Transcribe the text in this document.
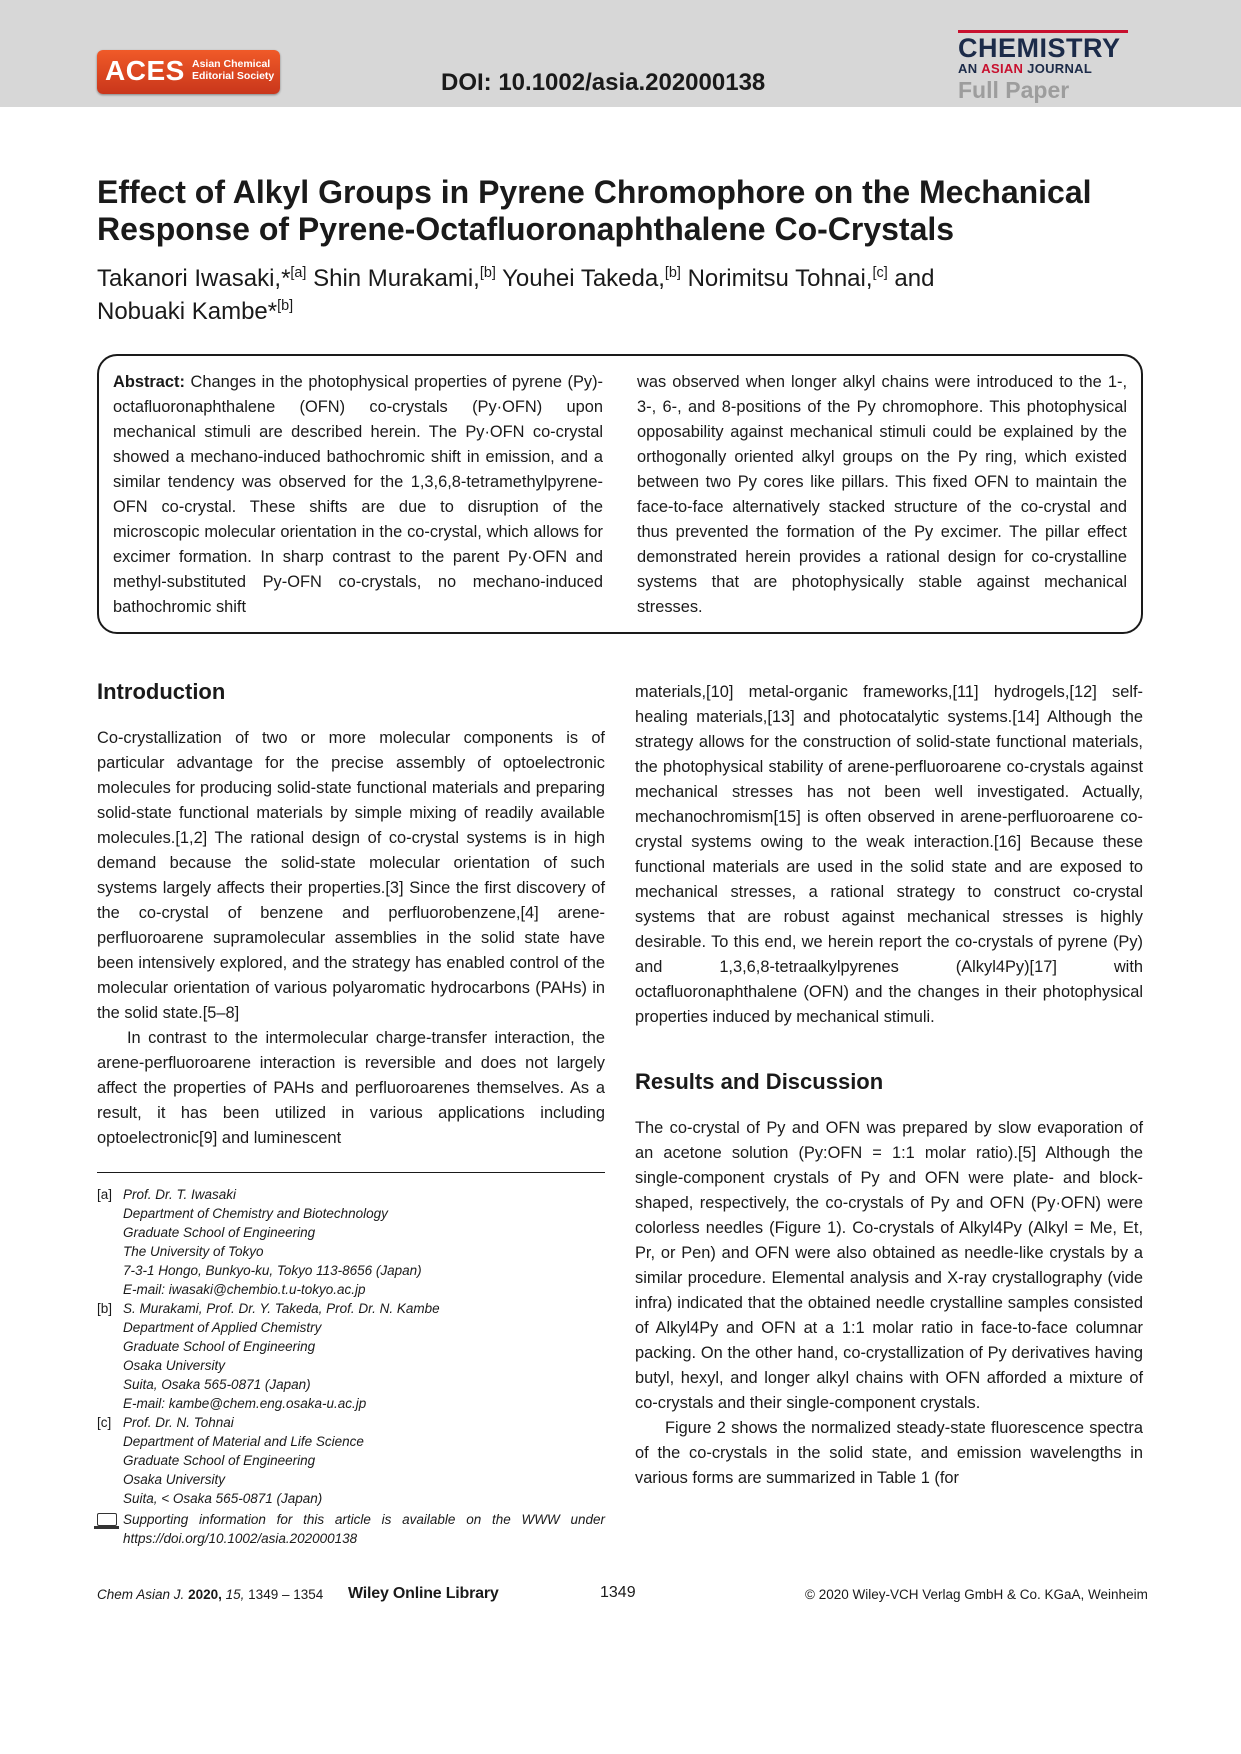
ACES Asian Chemical
Editorial Society	DOI: 10.1002/asia.202000138
CHEMISTRY
AN ASIAN JOURNAL
Full Paper
Effect of Alkyl Groups in Pyrene Chromophore on the Mechanical
Response of Pyrene-Octafluoronaphthalene Co-Crystals
Takanori Iwasaki,*[a] Shin Murakami,[b] Youhei Takeda,[b] Norimitsu Tohnai,[c] and
Nobuaki Kambe*[b]
Abstract: Changes in the photophysical properties of pyrene (Py)-octafluoronaphthalene (OFN) co-crystals (Py·OFN) upon mechanical stimuli are described herein. The Py·OFN co-crystal showed a mechano-induced bathochromic shift in emission, and a similar tendency was observed for the 1,3,6,8-tetramethylpyrene-OFN co-crystal. These shifts are due to disruption of the microscopic molecular orientation in the co-crystal, which allows for excimer formation. In sharp contrast to the parent Py·OFN and methyl-substituted Py-OFN co-crystals, no mechano-induced bathochromic shift
was observed when longer alkyl chains were introduced to the 1-, 3-, 6-, and 8-positions of the Py chromophore. This photophysical opposability against mechanical stimuli could be explained by the orthogonally oriented alkyl groups on the Py ring, which existed between two Py cores like pillars. This fixed OFN to maintain the face-to-face alternatively stacked structure of the co-crystal and thus prevented the formation of the Py excimer. The pillar effect demonstrated herein provides a rational design for co-crystalline systems that are photophysically stable against mechanical stresses.
Introduction

Co-crystallization of two or more molecular components is of particular advantage for the precise assembly of optoelectronic molecules for producing solid-state functional materials and preparing solid-state functional materials by simple mixing of readily available molecules.[1,2] The rational design of co-crystal systems is in high demand because the solid-state molecular orientation of such systems largely affects their properties.[3] Since the first discovery of the co-crystal of benzene and perfluorobenzene,[4] arene-perfluoroarene supramolecular assemblies in the solid state have been intensively explored, and the strategy has enabled control of the molecular orientation of various polyaromatic hydrocarbons (PAHs) in the solid state.[5–8]

In contrast to the intermolecular charge-transfer interaction, the arene-perfluoroarene interaction is reversible and does not largely affect the properties of PAHs and perfluoroarenes themselves. As a result, it has been utilized in various applications including optoelectronic[9] and luminescent

[a] Prof. Dr. T. Iwasaki
Department of Chemistry and Biotechnology
Graduate School of Engineering
The University of Tokyo
7-3-1 Hongo, Bunkyo-ku, Tokyo 113-8656 (Japan)
E-mail: iwasaki@chembio.t.u-tokyo.ac.jp
[b] S. Murakami, Prof. Dr. Y. Takeda, Prof. Dr. N. Kambe
Department of Applied Chemistry
Graduate School of Engineering
Osaka University
Suita, Osaka 565-0871 (Japan)
E-mail: kambe@chem.eng.osaka-u.ac.jp
[c] Prof. Dr. N. Tohnai
Department of Material and Life Science
Graduate School of Engineering
Osaka University
Suita, < Osaka 565-0871 (Japan)
Supporting information for this article is available on the WWW under https://doi.org/10.1002/asia.202000138

materials,[10] metal-organic frameworks,[11] hydrogels,[12] self-healing materials,[13] and photocatalytic systems.[14] Although the strategy allows for the construction of solid-state functional materials, the photophysical stability of arene-perfluoroarene co-crystals against mechanical stresses has not been well investigated. Actually, mechanochromism[15] is often observed in arene-perfluoroarene co-crystal systems owing to the weak interaction.[16] Because these functional materials are used in the solid state and are exposed to mechanical stresses, a rational strategy to construct co-crystal systems that are robust against mechanical stresses is highly desirable. To this end, we herein report the co-crystals of pyrene (Py) and 1,3,6,8-tetraalkylpyrenes (Alkyl4Py)[17] with octafluoronaphthalene (OFN) and the changes in their photophysical properties induced by mechanical stimuli.

Results and Discussion

The co-crystal of Py and OFN was prepared by slow evaporation of an acetone solution (Py:OFN = 1:1 molar ratio).[5] Although the single-component crystals of Py and OFN were plate- and block-shaped, respectively, the co-crystals of Py and OFN (Py·OFN) were colorless needles (Figure 1). Co-crystals of Alkyl4Py (Alkyl = Me, Et, Pr, or Pen) and OFN were also obtained as needle-like crystals by a similar procedure. Elemental analysis and X-ray crystallography (vide infra) indicated that the obtained needle crystalline samples consisted of Alkyl4Py and OFN at a 1:1 molar ratio in face-to-face columnar packing. On the other hand, co-crystallization of Py derivatives having butyl, hexyl, and longer alkyl chains with OFN afforded a mixture of co-crystals and their single-component crystals.

Figure 2 shows the normalized steady-state fluorescence spectra of the co-crystals in the solid state, and emission wavelengths in various forms are summarized in Table 1 (for

Chem Asian J. 2020, 15, 1349 – 1354 Wiley Online Library	1349	© 2020 Wiley-VCH Verlag GmbH & Co. KGaA, Weinheim
